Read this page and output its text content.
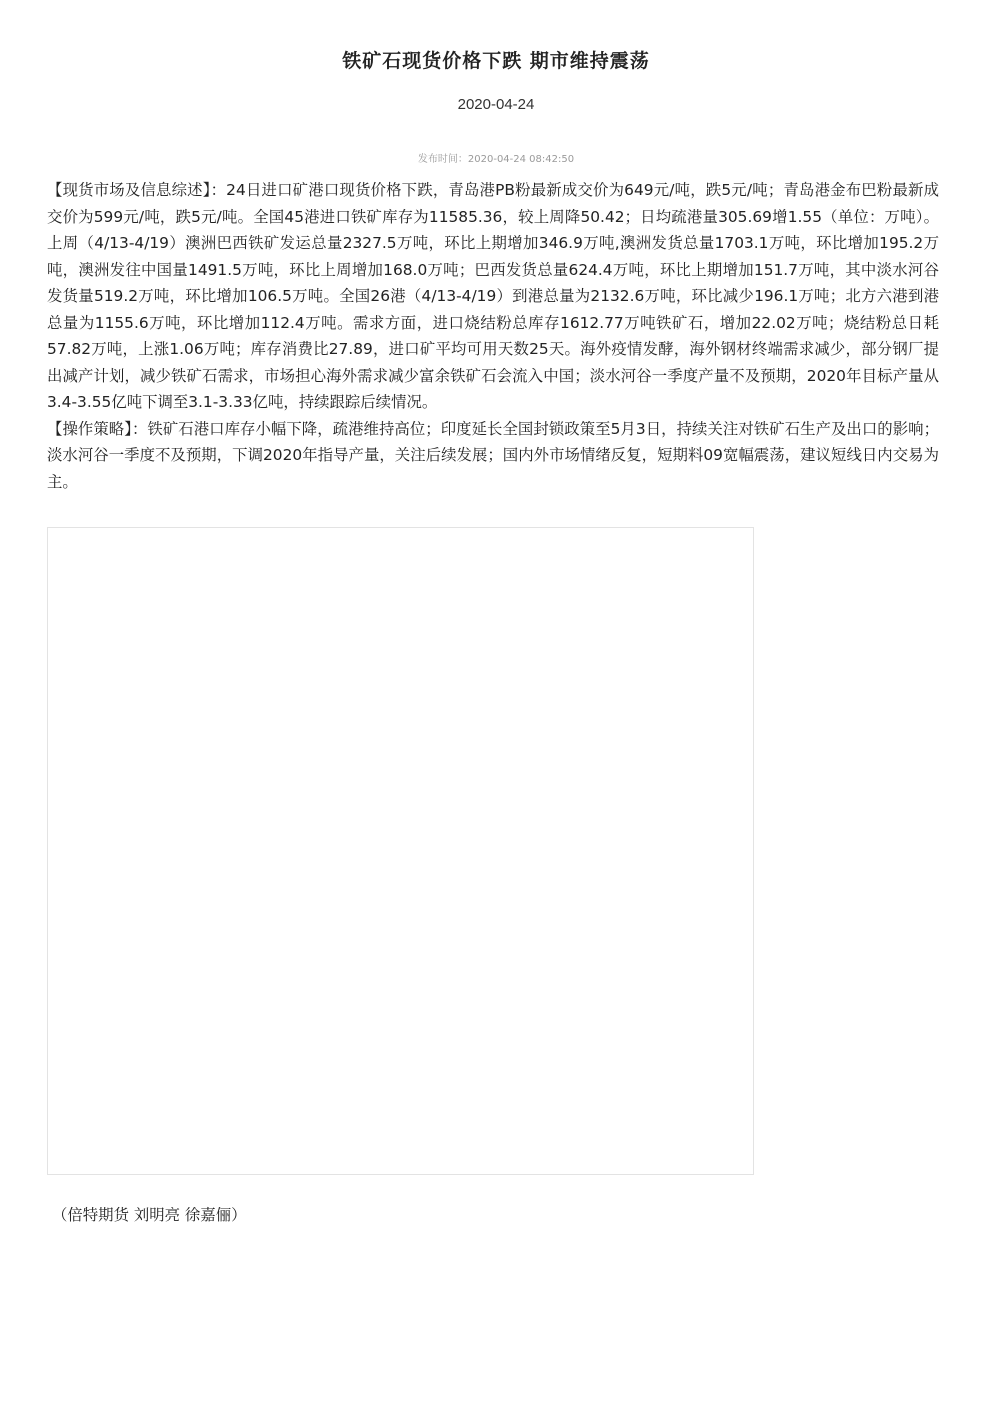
铁矿石现货价格下跌 期市维持震荡
2020-04-24
发布时间：2020-04-24 08:42:50

【现货市场及信息综述】：24日进口矿港口现货价格下跌，青岛港PB粉最新成交价为649元/吨，跌5元/吨；青岛港金布巴粉最新成交价为599元/吨，跌5元/吨。全国45港进口铁矿库存为11585.36，较上周降50.42；日均疏港量305.69增1.55（单位：万吨）。上周（4/13-4/19）澳洲巴西铁矿发运总量2327.5万吨，环比上期增加346.9万吨,澳洲发货总量1703.1万吨，环比增加195.2万吨，澳洲发往中国量1491.5万吨，环比上周增加168.0万吨；巴西发货总量624.4万吨，环比上期增加151.7万吨，其中淡水河谷发货量519.2万吨，环比增加106.5万吨。全国26港（4/13-4/19）到港总量为2132.6万吨，环比减少196.1万吨；北方六港到港总量为1155.6万吨，环比增加112.4万吨。需求方面，进口烧结粉总库存1612.77万吨铁矿石，增加22.02万吨；烧结粉总日耗57.82万吨，上涨1.06万吨；库存消费比27.89，进口矿平均可用天数25天。海外疫情发酵，海外钢材终端需求减少，部分钢厂提出减产计划，减少铁矿石需求，市场担心海外需求减少富余铁矿石会流入中国；淡水河谷一季度产量不及预期，2020年目标产量从3.4-3.55亿吨下调至3.1-3.33亿吨，持续跟踪后续情况。

【操作策略】：铁矿石港口库存小幅下降，疏港维持高位；印度延长全国封锁政策至5月3日，持续关注对铁矿石生产及出口的影响；淡水河谷一季度不及预期，下调2020年指导产量，关注后续发展；国内外市场情绪反复，短期料09宽幅震荡，建议短线日内交易为主。

（倍特期货 刘明亮 徐嘉俪）
